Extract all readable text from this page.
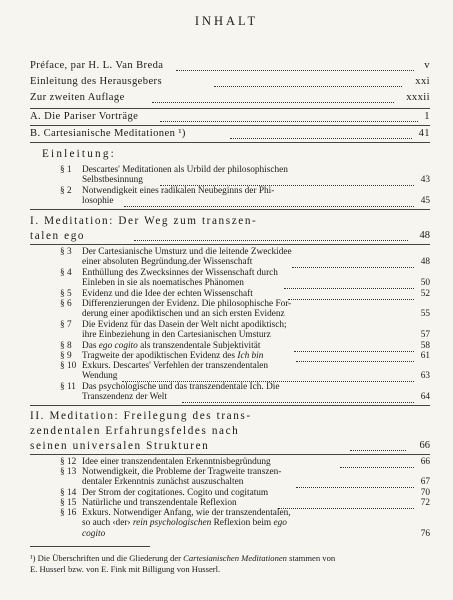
INHALT
Préface, par H. L. Van Breda	v
Einleitung des Herausgebers	xxi
Zur zweiten Auflage	xxxii
A. Die Pariser Vorträge	1
B. Cartesianische Meditationen ¹)	41
Einleitung:
§ 1 Descartes' Meditationen als Urbild der philosophischen
Selbstbesinnung	43
§ 2 Notwendigkeit eines radikalen Neubeginns der Phi-
losophie	45
I. Meditation: Der Weg zum transzen-
talen ego	48
§ 3 Der Cartesianische Umsturz und die leitende Zweckidee
einer absoluten Begründung.der Wissenschaft	48
§ 4 Enthüllung des Zwecksinnes der Wissenschaft durch
Einleben in sie als noematisches Phänomen	50
§ 5 Evidenz und die Idee der echten Wissenschaft	52
§ 6 Differenzierungen der Evidenz. Die philosophische For-
derung einer apodiktischen und an sich ersten Evidenz	55
§ 7 Die Evidenz für das Dasein der Welt nicht apodiktisch;
ihre Einbeziehung in den Cartesianischen Umsturz	57
§ 8 Das ego cogito als transzendentale Subjektivität	58
§ 9 Tragweite der apodiktischen Evidenz des Ich bin	61
§ 10 Exkurs. Descartes' Verfehlen der transzendentalen
Wendung	63
§ 11 Das psychologische und das transzendentale Ich. Die
Transzendenz der Welt	64
II. Meditation: Freilegung des trans-
zendentalen Erfahrungsfeldes nach
seinen universalen Strukturen	66
§ 12 Idee einer transzendentalen Erkenntnisbegründung	66
§ 13 Notwendigkeit, die Probleme der Tragweite transzen-
dentaler Erkenntnis zunächst auszuschalten	67
§ 14 Der Strom der cogitationes. Cogito und cogitatum	70
§ 15 Natürliche und transzendentale Reflexion	72
§ 16 Exkurs. Notwendiger Anfang, wie der transzendentalen,
so auch ‹der› rein psychologischen Reflexion beim ego
cogito	76
¹) Die Überschriften und die Gliederung der Cartesianischen Meditationen stammen von
E. Husserl bzw. von E. Fink mit Billigung von Husserl.
